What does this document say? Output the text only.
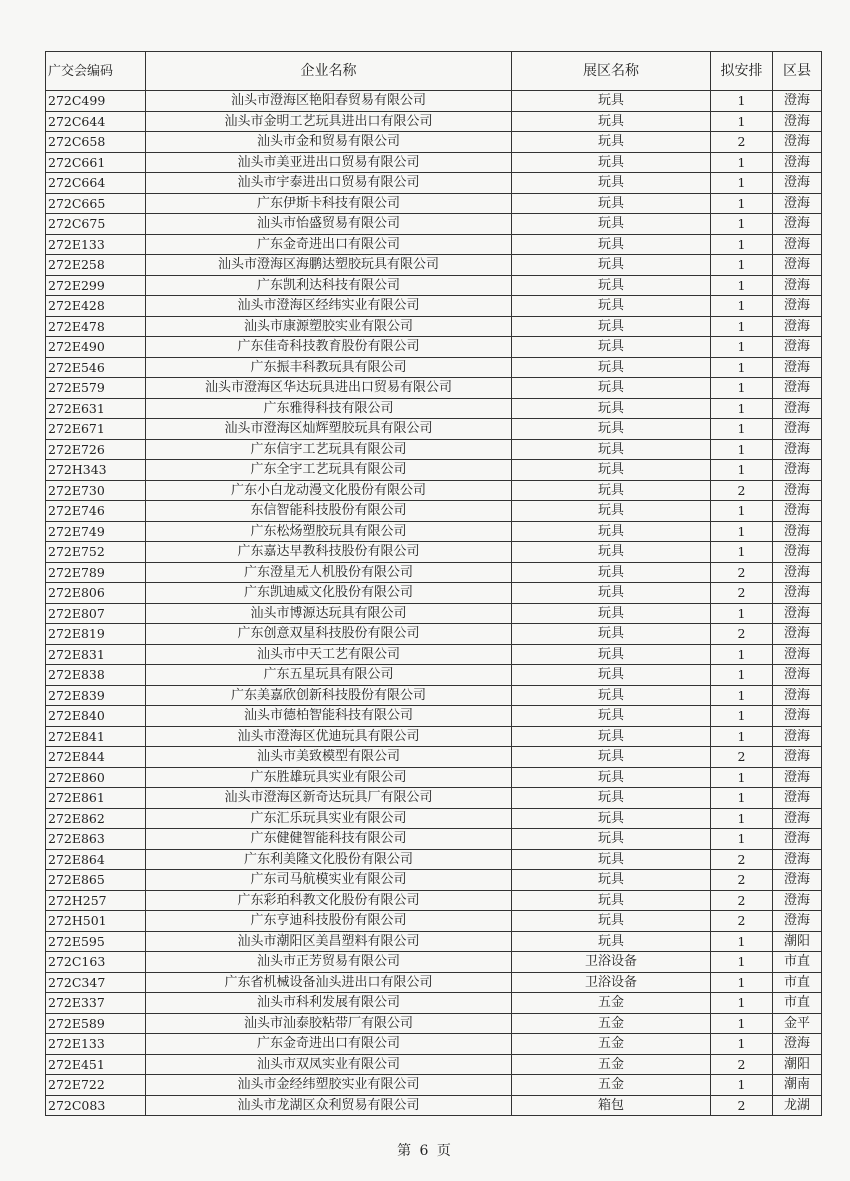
广交会编码	企业名称	展区名称	拟安排	区县
272C499	汕头市澄海区艳阳春贸易有限公司	玩具	1	澄海
272C644	汕头市金明工艺玩具进出口有限公司	玩具	1	澄海
272C658	汕头市金和贸易有限公司	玩具	2	澄海
272C661	汕头市美亚进出口贸易有限公司	玩具	1	澄海
272C664	汕头市宇泰进出口贸易有限公司	玩具	1	澄海
272C665	广东伊斯卡科技有限公司	玩具	1	澄海
272C675	汕头市怡盛贸易有限公司	玩具	1	澄海
272E133	广东金奇进出口有限公司	玩具	1	澄海
272E258	汕头市澄海区海鹏达塑胶玩具有限公司	玩具	1	澄海
272E299	广东凯利达科技有限公司	玩具	1	澄海
272E428	汕头市澄海区经纬实业有限公司	玩具	1	澄海
272E478	汕头市康源塑胶实业有限公司	玩具	1	澄海
272E490	广东佳奇科技教育股份有限公司	玩具	1	澄海
272E546	广东振丰科教玩具有限公司	玩具	1	澄海
272E579	汕头市澄海区华达玩具进出口贸易有限公司	玩具	1	澄海
272E631	广东雅得科技有限公司	玩具	1	澄海
272E671	汕头市澄海区灿辉塑胶玩具有限公司	玩具	1	澄海
272E726	广东信宇工艺玩具有限公司	玩具	1	澄海
272H343	广东全宇工艺玩具有限公司	玩具	1	澄海
272E730	广东小白龙动漫文化股份有限公司	玩具	2	澄海
272E746	东信智能科技股份有限公司	玩具	1	澄海
272E749	广东松炀塑胶玩具有限公司	玩具	1	澄海
272E752	广东嘉达早教科技股份有限公司	玩具	1	澄海
272E789	广东澄星无人机股份有限公司	玩具	2	澄海
272E806	广东凯迪威文化股份有限公司	玩具	2	澄海
272E807	汕头市博源达玩具有限公司	玩具	1	澄海
272E819	广东创意双星科技股份有限公司	玩具	2	澄海
272E831	汕头市中天工艺有限公司	玩具	1	澄海
272E838	广东五星玩具有限公司	玩具	1	澄海
272E839	广东美嘉欣创新科技股份有限公司	玩具	1	澄海
272E840	汕头市德柏智能科技有限公司	玩具	1	澄海
272E841	汕头市澄海区优迪玩具有限公司	玩具	1	澄海
272E844	汕头市美致模型有限公司	玩具	2	澄海
272E860	广东胜雄玩具实业有限公司	玩具	1	澄海
272E861	汕头市澄海区新奇达玩具厂有限公司	玩具	1	澄海
272E862	广东汇乐玩具实业有限公司	玩具	1	澄海
272E863	广东健健智能科技有限公司	玩具	1	澄海
272E864	广东利美隆文化股份有限公司	玩具	2	澄海
272E865	广东司马航模实业有限公司	玩具	2	澄海
272H257	广东彩珀科教文化股份有限公司	玩具	2	澄海
272H501	广东亨迪科技股份有限公司	玩具	2	澄海
272E595	汕头市潮阳区美昌塑料有限公司	玩具	1	潮阳
272C163	汕头市正芳贸易有限公司	卫浴设备	1	市直
272C347	广东省机械设备汕头进出口有限公司	卫浴设备	1	市直
272E337	汕头市科利发展有限公司	五金	1	市直
272E589	汕头市汕泰胶粘带厂有限公司	五金	1	金平
272E133	广东金奇进出口有限公司	五金	1	澄海
272E451	汕头市双凤实业有限公司	五金	2	潮阳
272E722	汕头市金经纬塑胶实业有限公司	五金	1	潮南
272C083	汕头市龙湖区众利贸易有限公司	箱包	2	龙湖
第 6 页
